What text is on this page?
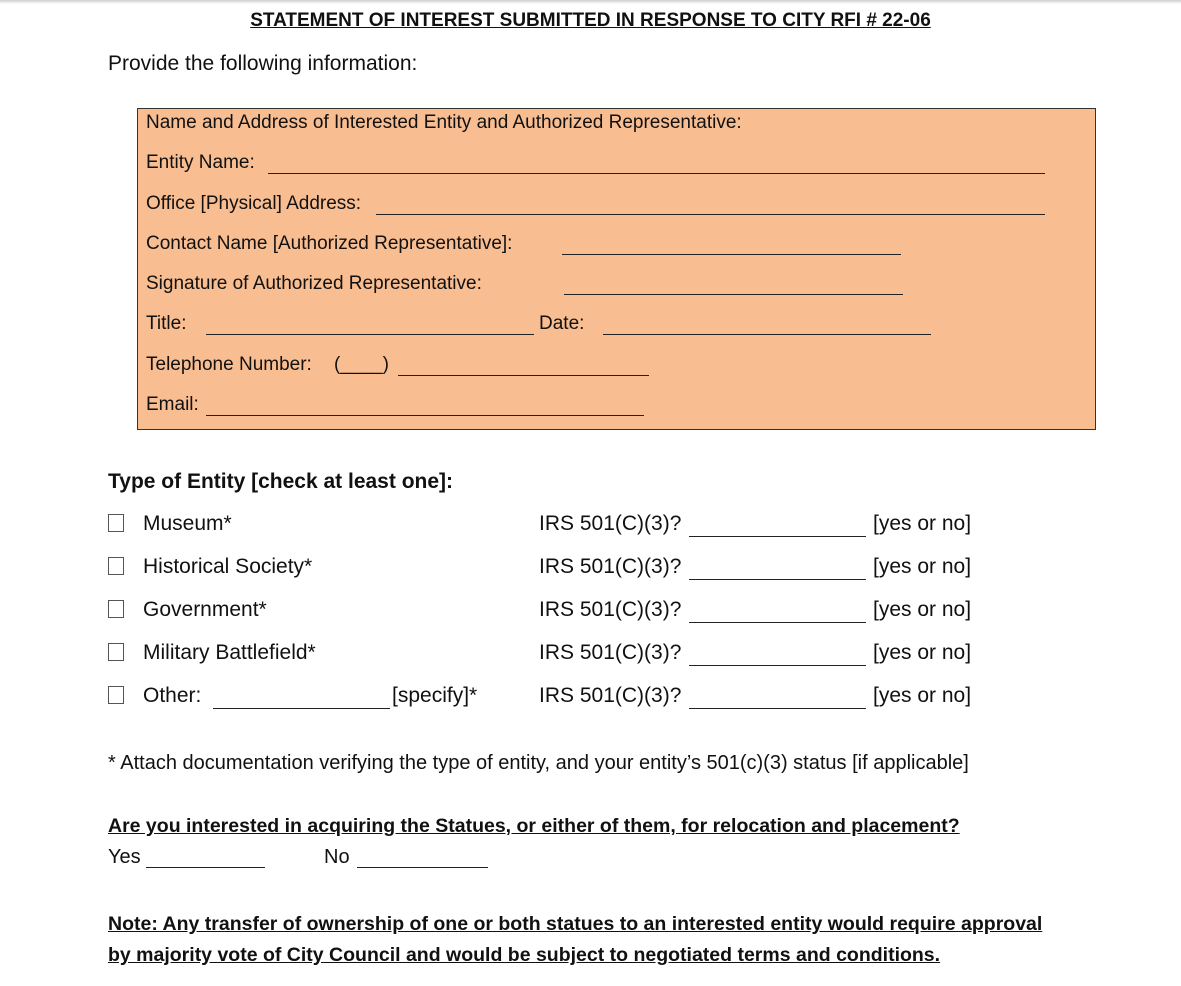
STATEMENT OF INTEREST SUBMITTED IN RESPONSE TO CITY RFI # 22-06
Provide the following information:
Name and Address of Interested Entity and Authorized Representative:
Entity Name:
Office [Physical] Address:
Contact Name [Authorized Representative]:
Signature of Authorized Representative:
Title:	Date:
Telephone Number: (____)
Email:
Type of Entity [check at least one]:
Museum*	IRS 501(C)(3)?	[yes or no]
Historical Society*	IRS 501(C)(3)?	[yes or no]
Government*	IRS 501(C)(3)?	[yes or no]
Military Battlefield*	IRS 501(C)(3)?	[yes or no]
Other:	[specify]*	IRS 501(C)(3)?	[yes or no]
* Attach documentation verifying the type of entity, and your entity’s 501(c)(3) status [if applicable]
Are you interested in acquiring the Statues, or either of them, for relocation and placement?
Yes	No
Note: Any transfer of ownership of one or both statues to an interested entity would require approval
by majority vote of City Council and would be subject to negotiated terms and conditions.
